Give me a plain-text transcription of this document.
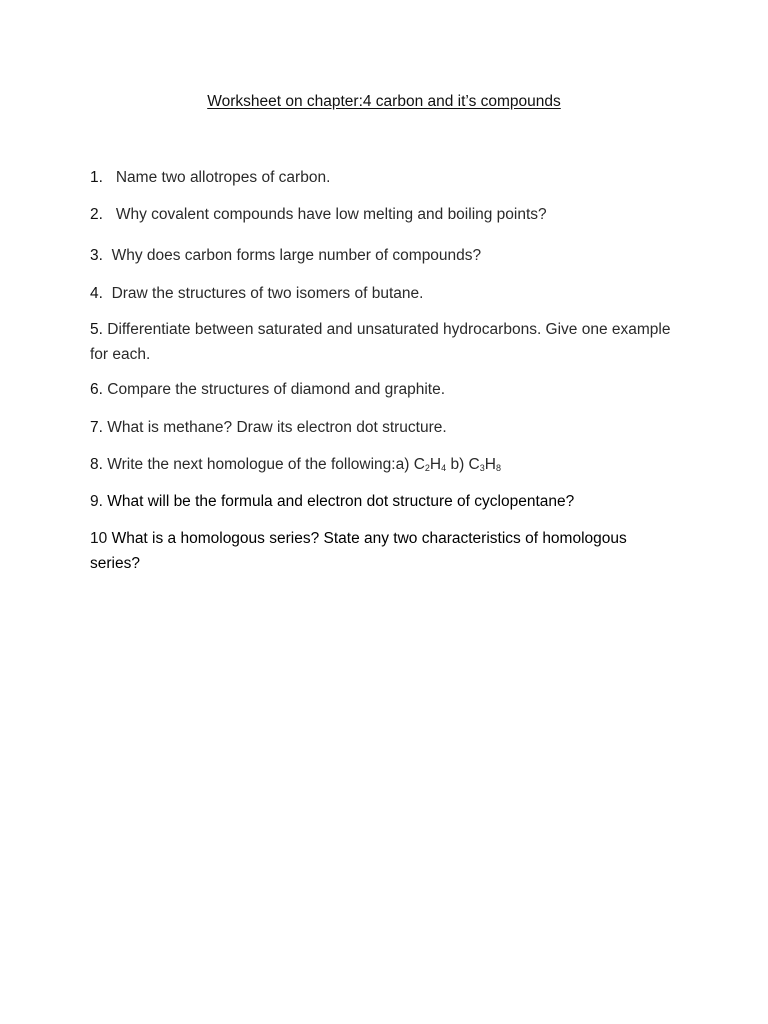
Worksheet on chapter:4 carbon and it’s compounds
1. Name two allotropes of carbon.
2. Why covalent compounds have low melting and boiling points?
3. Why does carbon forms large number of compounds?
4. Draw the structures of two isomers of butane.
5. Differentiate between saturated and unsaturated hydrocarbons. Give one example for each.
6. Compare the structures of diamond and graphite.
7. What is methane? Draw its electron dot structure.
8. Write the next homologue of the following:a) $C_2H_4$ b) $C_3H_8$
9. What will be the formula and electron dot structure of cyclopentane?
10 What is a homologous series? State any two characteristics of homologous series?
